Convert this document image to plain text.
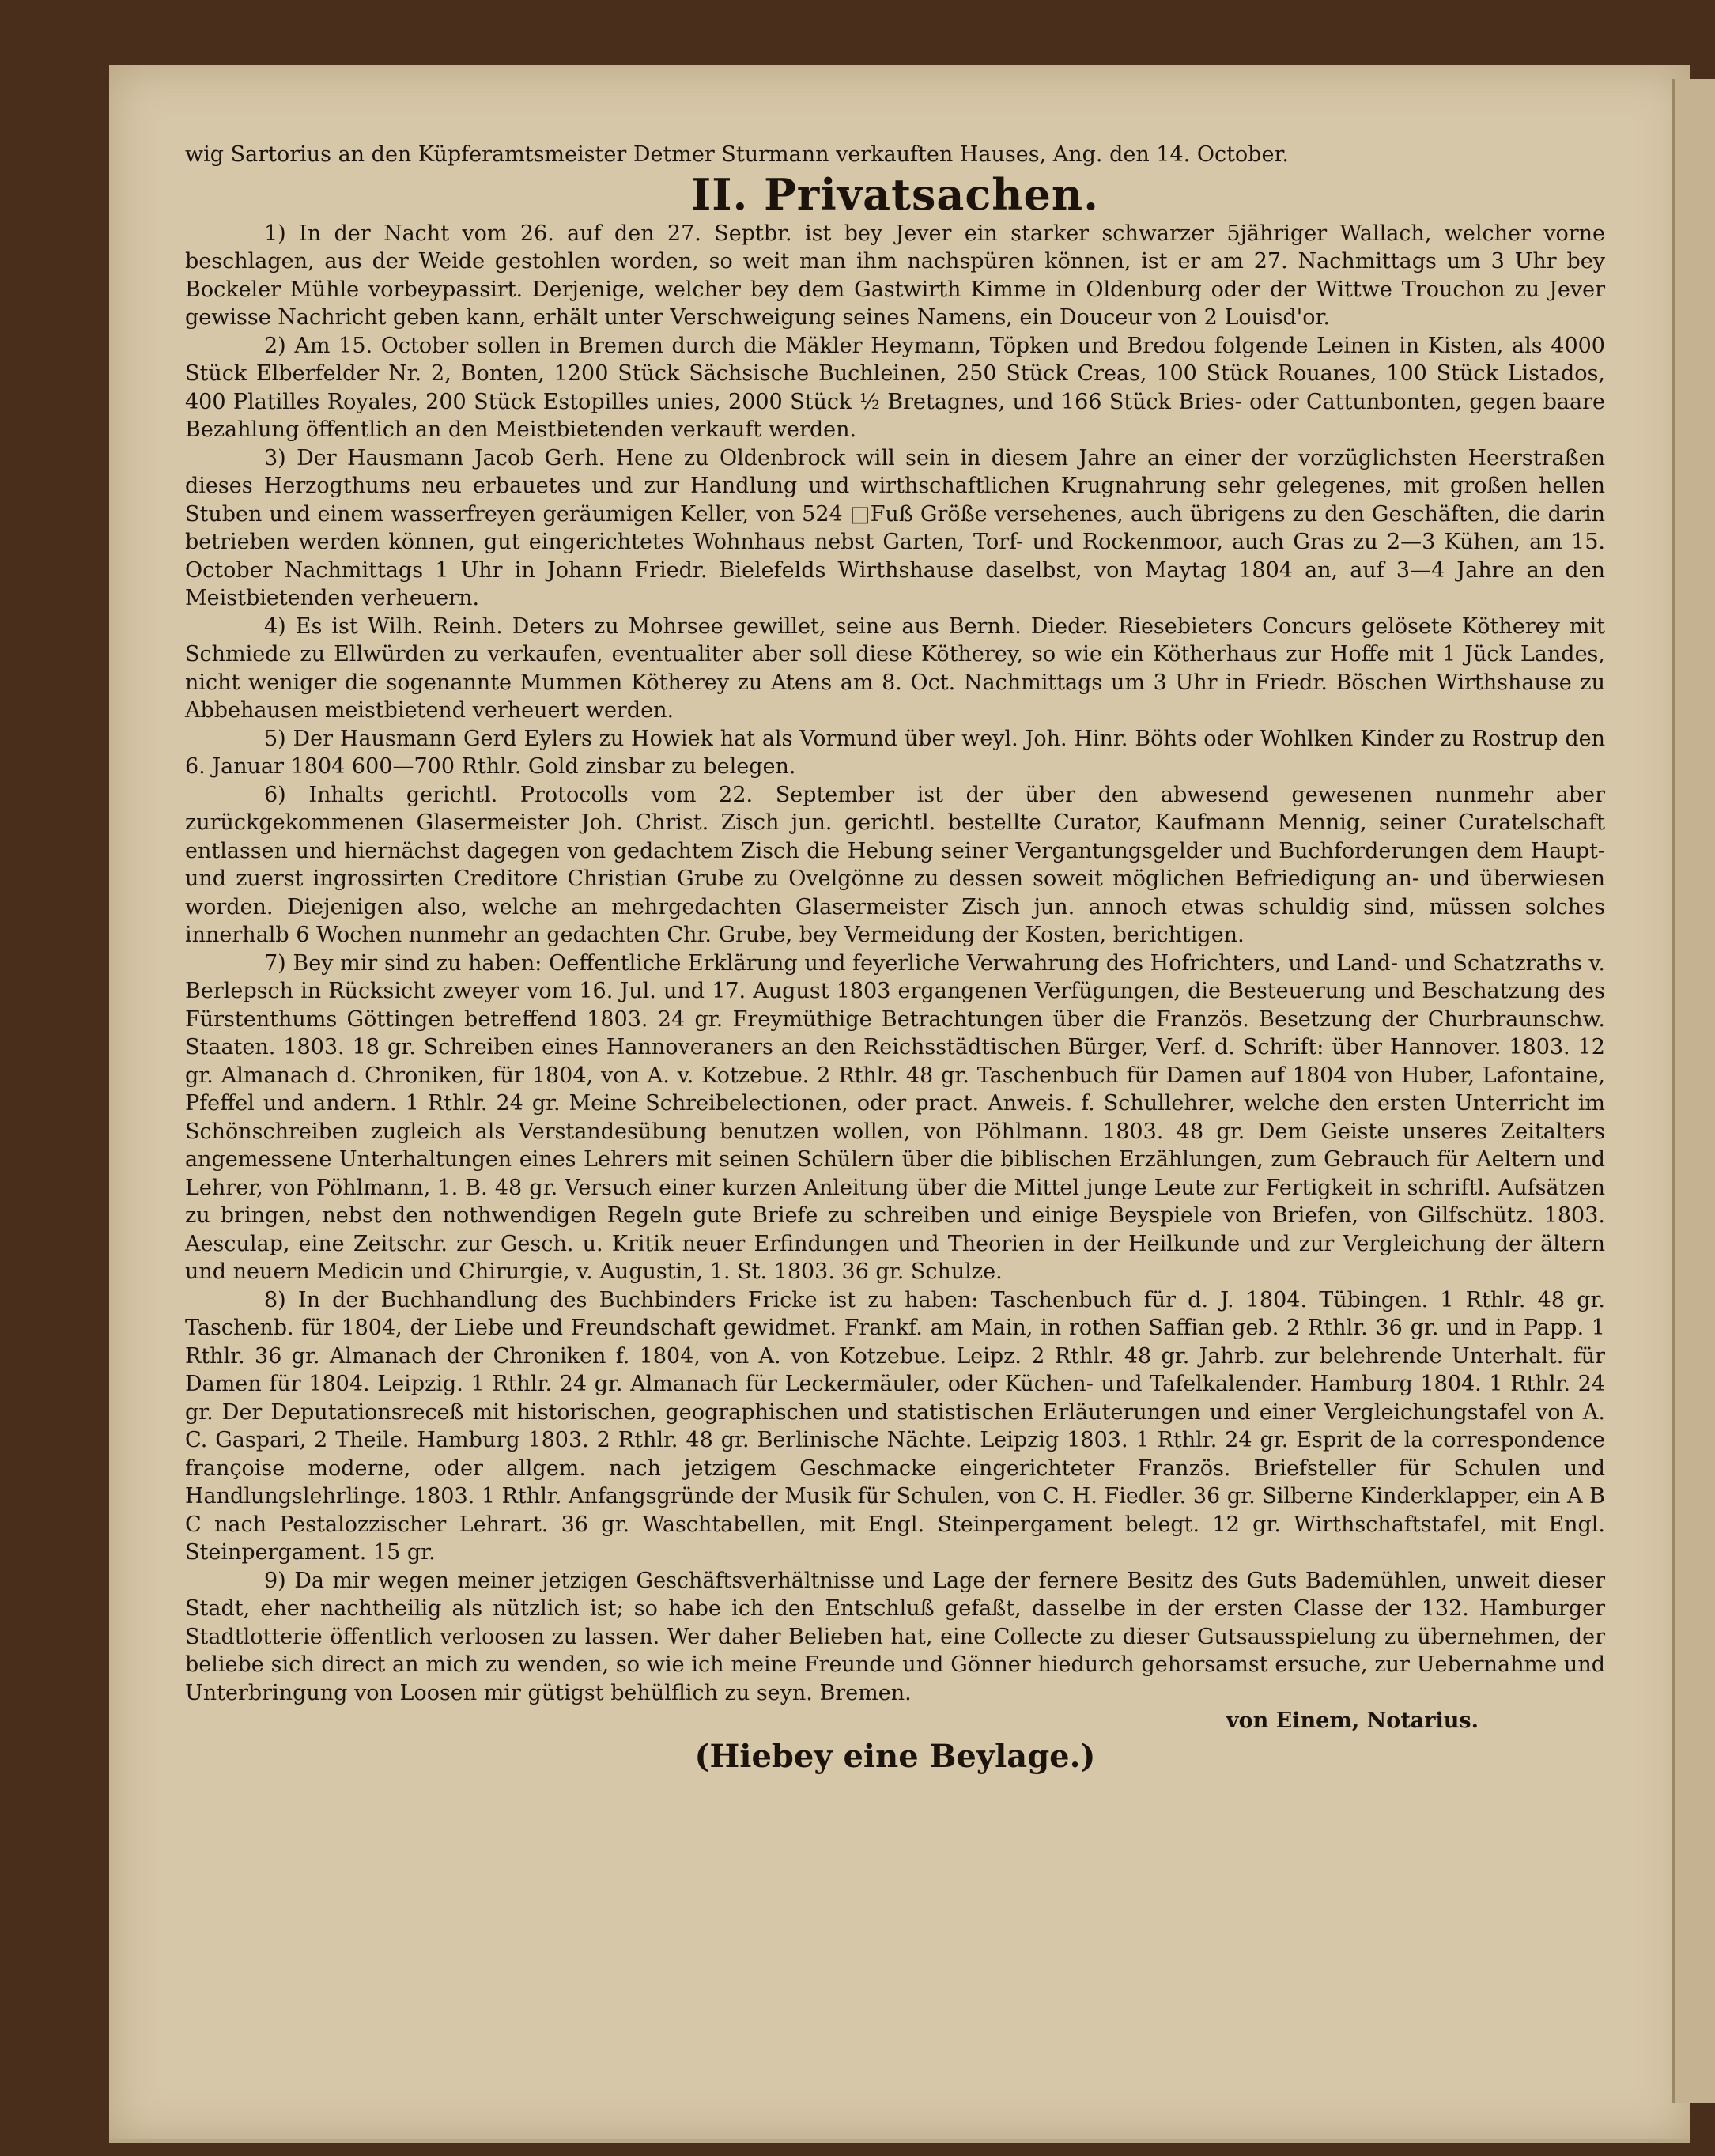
wig Sartorius an den Küpferamtsmeister Detmer Sturmann verkauften Hauses, Ang. den 14. October.

II. Privatsachen.

1) In der Nacht vom 26. auf den 27. Septbr. ist bey Jever ein starker schwarzer 5jähriger Wallach, welcher vorne beschlagen, aus der Weide gestohlen worden, so weit man ihm nachspüren können, ist er am 27. Nachmittags um 3 Uhr bey Bockeler Mühle vorbeypassirt. Derjenige, welcher bey dem Gastwirth Kimme in Oldenburg oder der Wittwe Trouchon zu Jever gewisse Nachricht geben kann, erhält unter Verschweigung seines Namens, ein Douceur von 2 Louisd'or.

2) Am 15. October sollen in Bremen durch die Mäkler Heymann, Töpken und Bredou folgende Leinen in Kisten, als 4000 Stück Elberfelder Nr. 2, Bonten, 1200 Stück Sächsische Buchleinen, 250 Stück Creas, 100 Stück Rouanes, 100 Stück Listados, 400 Platilles Royales, 200 Stück Estopilles unies, 2000 Stück ½ Bretagnes, und 166 Stück Bries- oder Cattunbonten, gegen baare Bezahlung öffentlich an den Meistbietenden verkauft werden.

3) Der Hausmann Jacob Gerh. Hene zu Oldenbrock will sein in diesem Jahre an einer der vorzüglichsten Heerstraßen dieses Herzogthums neu erbauetes und zur Handlung und wirthschaftlichen Krugnahrung sehr gelegenes, mit großen hellen Stuben und einem wasserfreyen geräumigen Keller, von 524 □Fuß Größe versehenes, auch übrigens zu den Geschäften, die darin betrieben werden können, gut eingerichtetes Wohnhaus nebst Garten, Torf- und Rockenmoor, auch Gras zu 2—3 Kühen, am 15. October Nachmittags 1 Uhr in Johann Friedr. Bielefelds Wirthshause daselbst, von Maytag 1804 an, auf 3—4 Jahre an den Meistbietenden verheuern.

4) Es ist Wilh. Reinh. Deters zu Mohrsee gewillet, seine aus Bernh. Dieder. Riesebieters Concurs gelösete Kötherey mit Schmiede zu Ellwürden zu verkaufen, eventualiter aber soll diese Kötherey, so wie ein Kötherhaus zur Hoffe mit 1 Jück Landes, nicht weniger die sogenannte Mummen Kötherey zu Atens am 8. Oct. Nachmittags um 3 Uhr in Friedr. Böschen Wirthshause zu Abbehausen meistbietend verheuert werden.

5) Der Hausmann Gerd Eylers zu Howiek hat als Vormund über weyl. Joh. Hinr. Böhts oder Wohlken Kinder zu Rostrup den 6. Januar 1804 600—700 Rthlr. Gold zinsbar zu belegen.

6) Inhalts gerichtl. Protocolls vom 22. September ist der über den abwesend gewesenen nunmehr aber zurückgekommenen Glasermeister Joh. Christ. Zisch jun. gerichtl. bestellte Curator, Kaufmann Mennig, seiner Curatelschaft entlassen und hiernächst dagegen von gedachtem Zisch die Hebung seiner Vergantungsgelder und Buchforderungen dem Haupt- und zuerst ingrossirten Creditore Christian Grube zu Ovelgönne zu dessen soweit möglichen Befriedigung an- und überwiesen worden. Diejenigen also, welche an mehrgedachten Glasermeister Zisch jun. annoch etwas schuldig sind, müssen solches innerhalb 6 Wochen nunmehr an gedachten Chr. Grube, bey Vermeidung der Kosten, berichtigen.

7) Bey mir sind zu haben: Oeffentliche Erklärung und feyerliche Verwahrung des Hofrichters, und Land- und Schatzraths v. Berlepsch in Rücksicht zweyer vom 16. Jul. und 17. August 1803 ergangenen Verfügungen, die Besteuerung und Beschatzung des Fürstenthums Göttingen betreffend 1803. 24 gr. Freymüthige Betrachtungen über die Französ. Besetzung der Churbraunschw. Staaten. 1803. 18 gr. Schreiben eines Hannoveraners an den Reichsstädtischen Bürger, Verf. d. Schrift: über Hannover. 1803. 12 gr. Almanach d. Chroniken, für 1804, von A. v. Kotzebue. 2 Rthlr. 48 gr. Taschenbuch für Damen auf 1804 von Huber, Lafontaine, Pfeffel und andern. 1 Rthlr. 24 gr. Meine Schreibelectionen, oder pract. Anweis. f. Schullehrer, welche den ersten Unterricht im Schönschreiben zugleich als Verstandesübung benutzen wollen, von Pöhlmann. 1803. 48 gr. Dem Geiste unseres Zeitalters angemessene Unterhaltungen eines Lehrers mit seinen Schülern über die biblischen Erzählungen, zum Gebrauch für Aeltern und Lehrer, von Pöhlmann, 1. B. 48 gr. Versuch einer kurzen Anleitung über die Mittel junge Leute zur Fertigkeit in schriftl. Aufsätzen zu bringen, nebst den nothwendigen Regeln gute Briefe zu schreiben und einige Beyspiele von Briefen, von Gilfschütz. 1803. Aesculap, eine Zeitschr. zur Gesch. u. Kritik neuer Erfindungen und Theorien in der Heilkunde und zur Vergleichung der ältern und neuern Medicin und Chirurgie, v. Augustin, 1. St. 1803. 36 gr. Schulze.

8) In der Buchhandlung des Buchbinders Fricke ist zu haben: Taschenbuch für d. J. 1804. Tübingen. 1 Rthlr. 48 gr. Taschenb. für 1804, der Liebe und Freundschaft gewidmet. Frankf. am Main, in rothen Saffian geb. 2 Rthlr. 36 gr. und in Papp. 1 Rthlr. 36 gr. Almanach der Chroniken f. 1804, von A. von Kotzebue. Leipz. 2 Rthlr. 48 gr. Jahrb. zur belehrende Unterhalt. für Damen für 1804. Leipzig. 1 Rthlr. 24 gr. Almanach für Leckermäuler, oder Küchen- und Tafelkalender. Hamburg 1804. 1 Rthlr. 24 gr. Der Deputationsreceß mit historischen, geographischen und statistischen Erläuterungen und einer Vergleichungstafel von A. C. Gaspari, 2 Theile. Hamburg 1803. 2 Rthlr. 48 gr. Berlinische Nächte. Leipzig 1803. 1 Rthlr. 24 gr. Esprit de la correspondence françoise moderne, oder allgem. nach jetzigem Geschmacke eingerichteter Französ. Briefsteller für Schulen und Handlungslehrlinge. 1803. 1 Rthlr. Anfangsgründe der Musik für Schulen, von C. H. Fiedler. 36 gr. Silberne Kinderklapper, ein A B C nach Pestalozzischer Lehrart. 36 gr. Waschtabellen, mit Engl. Steinpergament belegt. 12 gr. Wirthschaftstafel, mit Engl. Steinpergament. 15 gr.

9) Da mir wegen meiner jetzigen Geschäftsverhältnisse und Lage der fernere Besitz des Guts Bademühlen, unweit dieser Stadt, eher nachtheilig als nützlich ist; so habe ich den Entschluß gefaßt, dasselbe in der ersten Classe der 132. Hamburger Stadtlotterie öffentlich verloosen zu lassen. Wer daher Belieben hat, eine Collecte zu dieser Gutsausspielung zu übernehmen, der beliebe sich direct an mich zu wenden, so wie ich meine Freunde und Gönner hiedurch gehorsamst ersuche, zur Uebernahme und Unterbringung von Loosen mir gütigst behülflich zu seyn. Bremen.

von Einem, Notarius.

(Hiebey eine Beylage.)
